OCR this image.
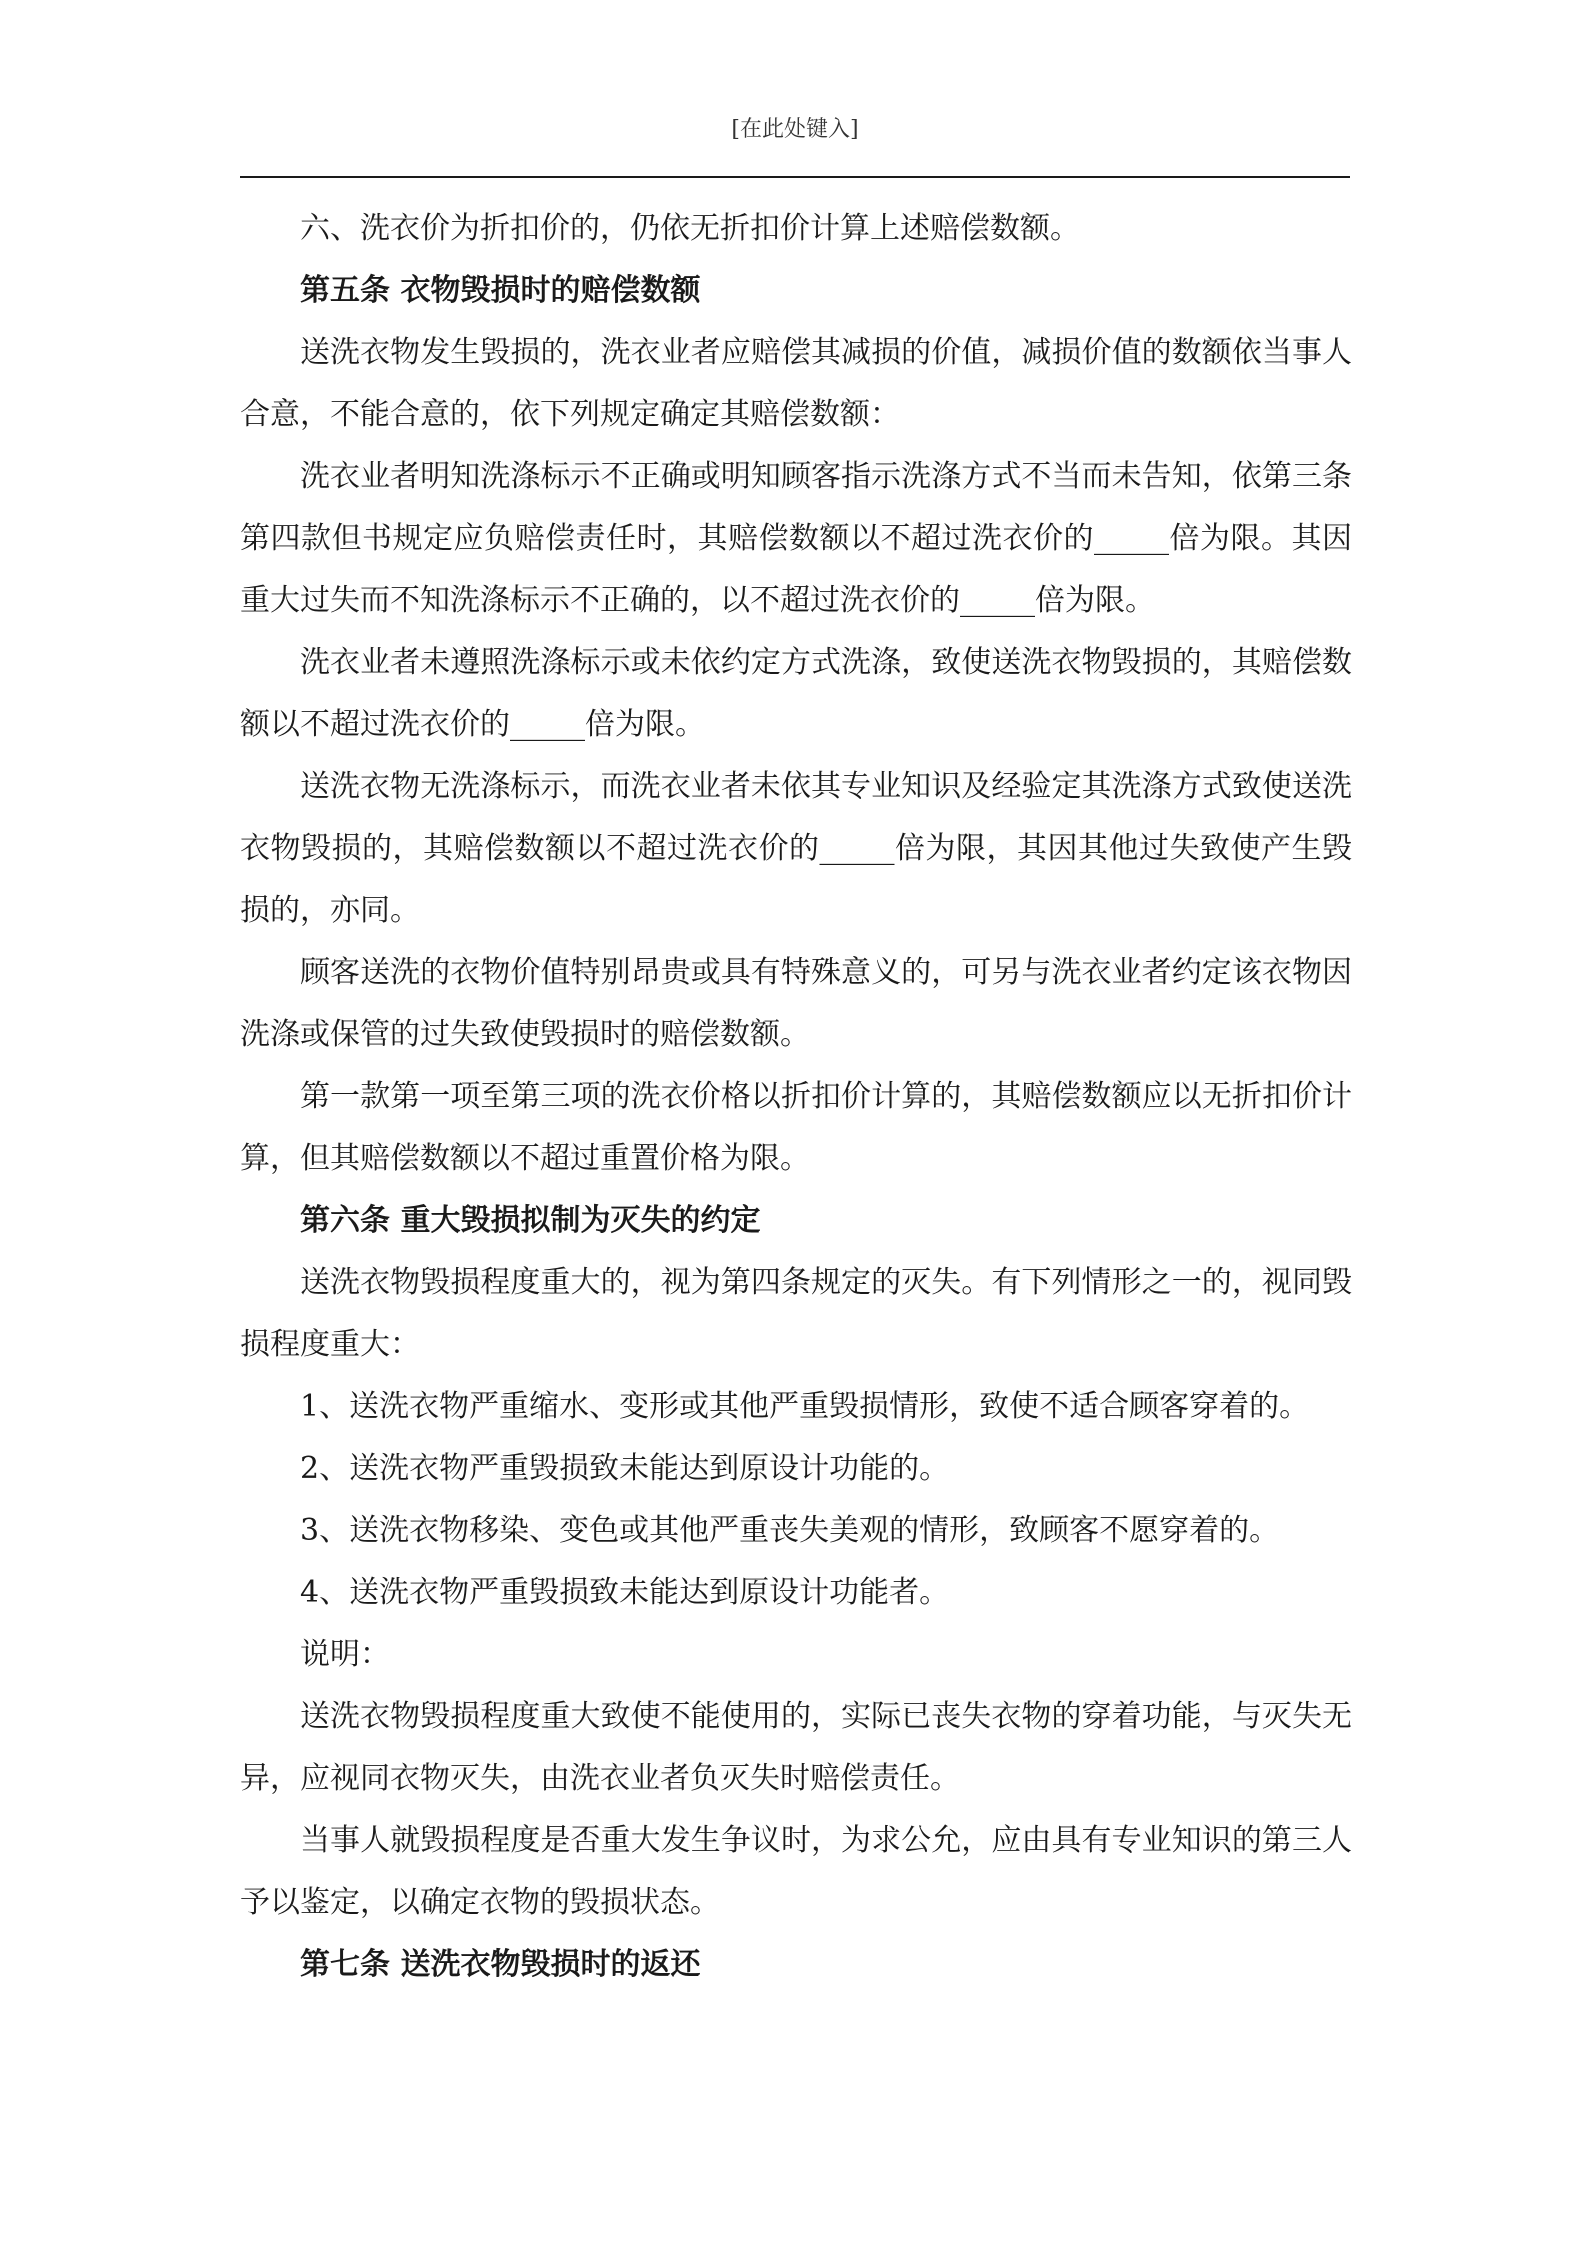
[在此处键入]

六、洗衣价为折扣价的，仍依无折扣价计算上述赔偿数额。

第五条 衣物毁损时的赔偿数额

送洗衣物发生毁损的，洗衣业者应赔偿其减损的价值，减损价值的数额依当事人合意，不能合意的，依下列规定确定其赔偿数额：

洗衣业者明知洗涤标示不正确或明知顾客指示洗涤方式不当而未告知，依第三条第四款但书规定应负赔偿责任时，其赔偿数额以不超过洗衣价的_____倍为限。其因重大过失而不知洗涤标示不正确的，以不超过洗衣价的_____倍为限。

洗衣业者未遵照洗涤标示或未依约定方式洗涤，致使送洗衣物毁损的，其赔偿数额以不超过洗衣价的_____倍为限。

送洗衣物无洗涤标示，而洗衣业者未依其专业知识及经验定其洗涤方式致使送洗衣物毁损的，其赔偿数额以不超过洗衣价的_____倍为限，其因其他过失致使产生毁损的，亦同。

顾客送洗的衣物价值特别昂贵或具有特殊意义的，可另与洗衣业者约定该衣物因洗涤或保管的过失致使毁损时的赔偿数额。

第一款第一项至第三项的洗衣价格以折扣价计算的，其赔偿数额应以无折扣价计算，但其赔偿数额以不超过重置价格为限。

第六条 重大毁损拟制为灭失的约定

送洗衣物毁损程度重大的，视为第四条规定的灭失。有下列情形之一的，视同毁损程度重大：

1、送洗衣物严重缩水、变形或其他严重毁损情形，致使不适合顾客穿着的。

2、送洗衣物严重毁损致未能达到原设计功能的。

3、送洗衣物移染、变色或其他严重丧失美观的情形，致顾客不愿穿着的。

4、送洗衣物严重毁损致未能达到原设计功能者。

说明：

送洗衣物毁损程度重大致使不能使用的，实际已丧失衣物的穿着功能，与灭失无异，应视同衣物灭失，由洗衣业者负灭失时赔偿责任。

当事人就毁损程度是否重大发生争议时，为求公允，应由具有专业知识的第三人予以鉴定，以确定衣物的毁损状态。

第七条 送洗衣物毁损时的返还
